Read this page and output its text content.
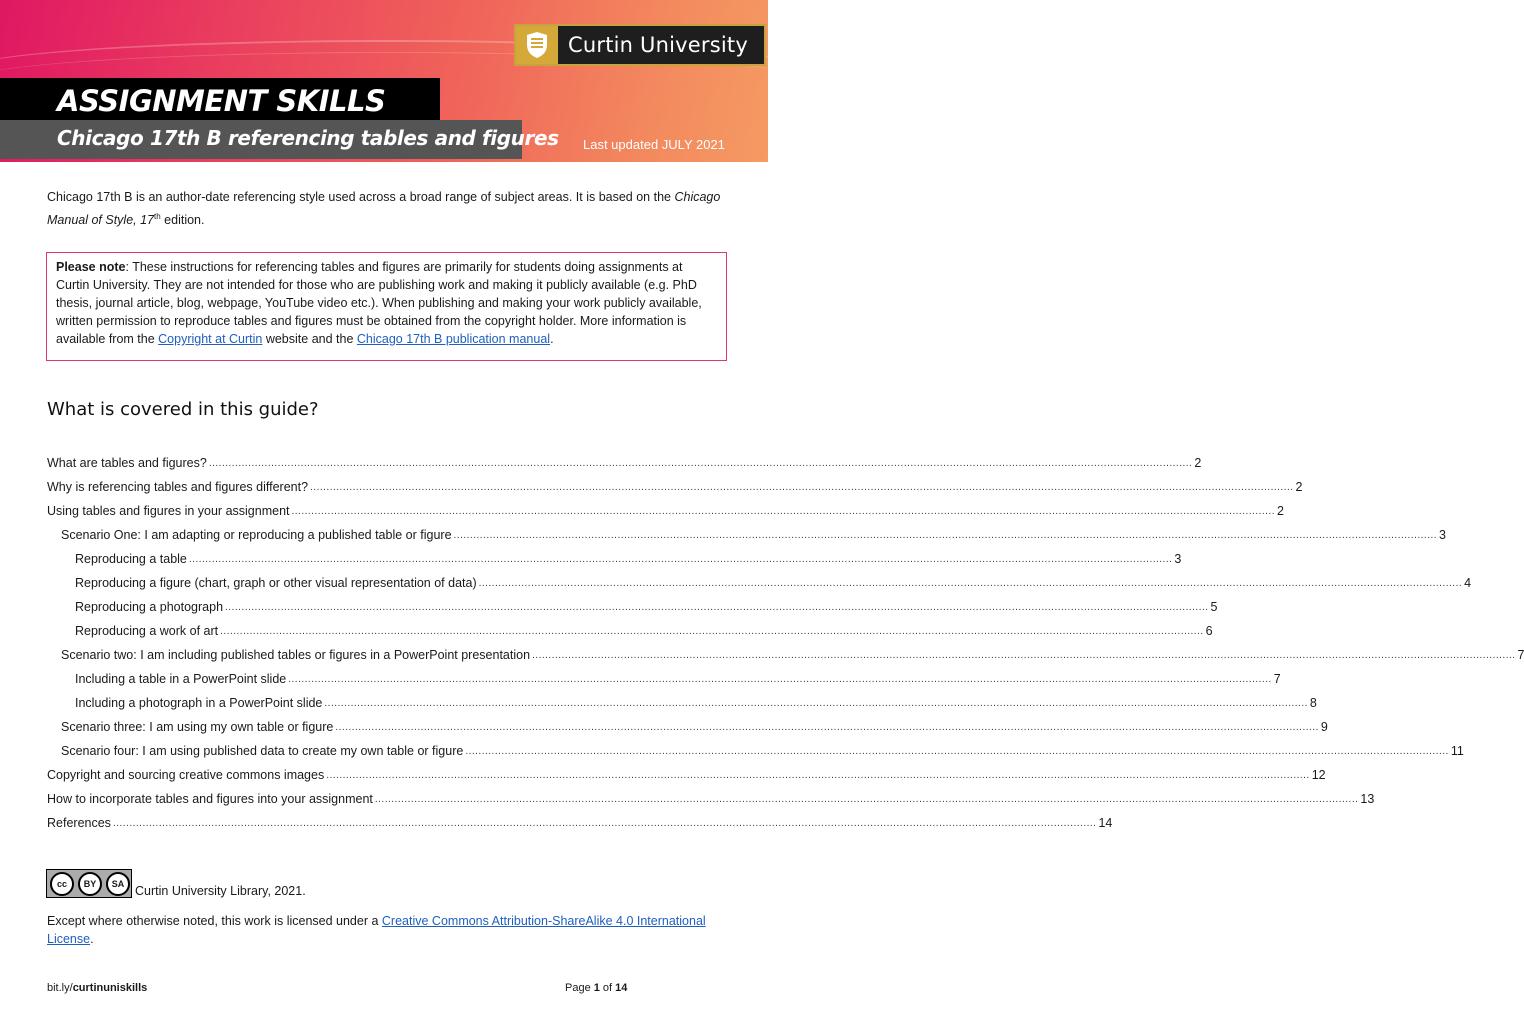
Curtin University
ASSIGNMENT SKILLS
Chicago 17th B referencing tables and figures Last updated JULY 2021
Chicago 17th B is an author-date referencing style used across a broad range of subject areas. It is based on the Chicago Manual of Style, 17th edition.
Please note: These instructions for referencing tables and figures are primarily for students doing assignments at Curtin University. They are not intended for those who are publishing work and making it publicly available (e.g. PhD thesis, journal article, blog, webpage, YouTube video etc.). When publishing and making your work publicly available, written permission to reproduce tables and figures must be obtained from the copyright holder. More information is available from the Copyright at Curtin website and the Chicago 17th B publication manual.
What is covered in this guide?
What are tables and figures? ............................................................................................................................................................................................................................................................................................................ 2
Why is referencing tables and figures different? ............................................................................................................................................................................................................................................................................................................ 2
Using tables and figures in your assignment ............................................................................................................................................................................................................................................................................................................ 2
Scenario One: I am adapting or reproducing a published table or figure ............................................................................................................................................................................................................................................................................................................ 3
Reproducing a table ............................................................................................................................................................................................................................................................................................................ 3
Reproducing a figure (chart, graph or other visual representation of data) ............................................................................................................................................................................................................................................................................................................ 4
Reproducing a photograph ............................................................................................................................................................................................................................................................................................................ 5
Reproducing a work of art ............................................................................................................................................................................................................................................................................................................ 6
Scenario two: I am including published tables or figures in a PowerPoint presentation ............................................................................................................................................................................................................................................................................................................ 7
Including a table in a PowerPoint slide ............................................................................................................................................................................................................................................................................................................ 7
Including a photograph in a PowerPoint slide ............................................................................................................................................................................................................................................................................................................ 8
Scenario three: I am using my own table or figure ............................................................................................................................................................................................................................................................................................................ 9
Scenario four: I am using published data to create my own table or figure ............................................................................................................................................................................................................................................................................................................ 11
Copyright and sourcing creative commons images ............................................................................................................................................................................................................................................................................................................ 12
How to incorporate tables and figures into your assignment ............................................................................................................................................................................................................................................................................................................ 13
References ............................................................................................................................................................................................................................................................................................................ 14
cc	BY	SA
Curtin University Library, 2021.
Except where otherwise noted, this work is licensed under a Creative Commons Attribution-ShareAlike 4.0 International License.
bit.ly/curtinuniskills	Page 1 of 14
